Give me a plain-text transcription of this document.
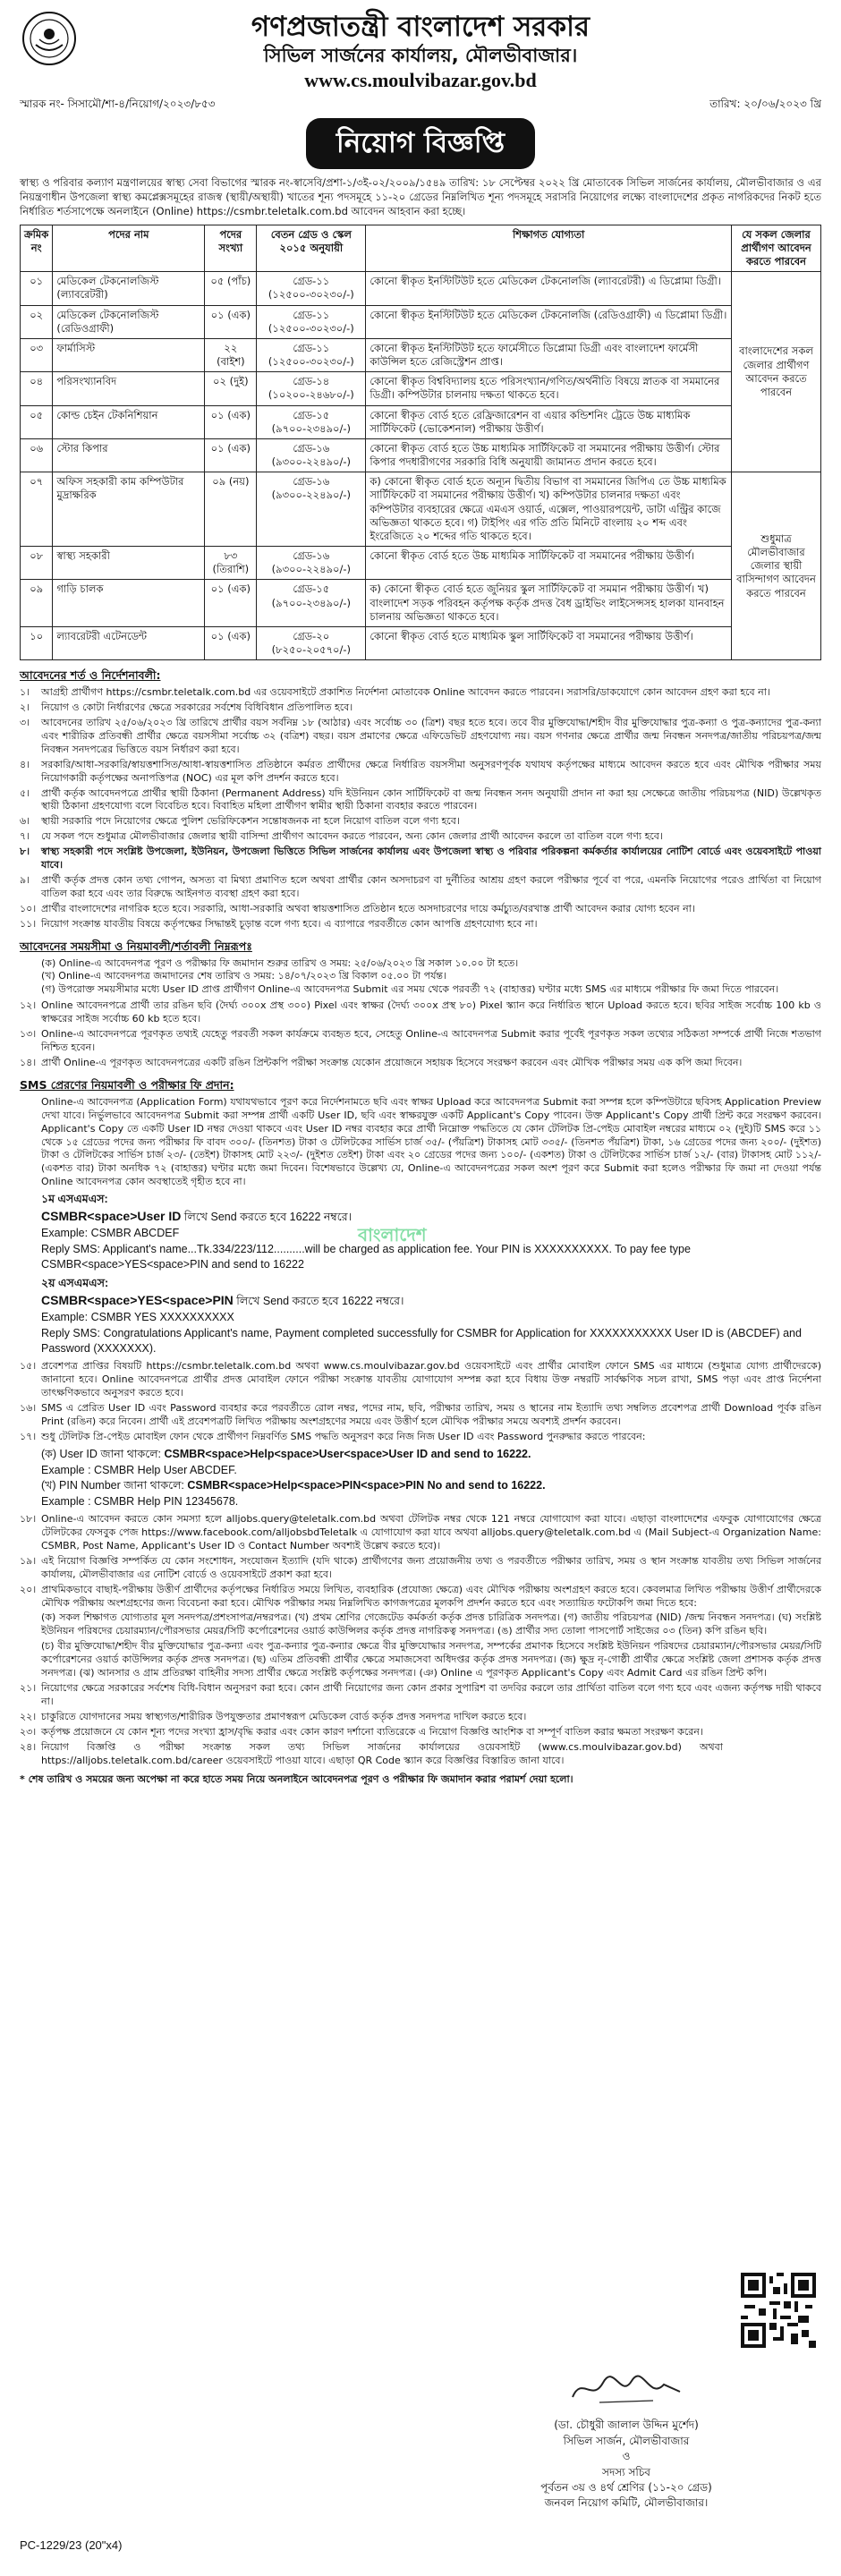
গণপ্রজাতন্ত্রী বাংলাদেশ সরকার
সিভিল সার্জনের কার্যালয়, মৌলভীবাজার।
www.cs.moulvibazar.gov.bd
স্মারক নং- সিসামৌ/শা-৪/নিয়োগ/২০২৩/৮৫৩	তারিখ: ২০/০৬/২০২৩ খ্রি
নিয়োগ বিজ্ঞপ্তি

স্বাস্থ্য ও পরিবার কল্যাণ মন্ত্রণালয়ের স্বাস্থ্য সেবা বিভাগের স্মারক নং-স্বাসেবি/প্রশা-১/৩ই-০২/২০০৯/১৫৪৯ তারিখ: ১৮ সেপ্টেম্বর ২০২২ খ্রি মোতাবেক সিভিল সার্জনের কার্যালয়, মৌলভীবাজার ও এর নিয়ন্ত্রণাধীন উপজেলা স্বাস্থ্য কমপ্লেক্সসমূহের রাজস্ব (স্থায়ী/অস্থায়ী) খাতের শূন্য পদসমূহে ১১-২০ গ্রেডের নিম্নলিখিত শূন্য পদসমূহে সরাসরি নিয়োগের লক্ষ্যে বাংলাদেশের প্রকৃত নাগরিকদের নিকট হতে নির্ধারিত শর্তসাপেক্ষে অনলাইনে (Online) https://csmbr.teletalk.com.bd আবেদন আহবান করা হচ্ছে।

ক্রমিক নং	পদের নাম	পদের সংখ্যা	বেতন গ্রেড ও স্কেল ২০১৫ অনুযায়ী	শিক্ষাগত যোগ্যতা	যে সকল জেলার প্রার্থীগণ আবেদন করতে পারবেন
০১	মেডিকেল টেকনোলজিস্ট (ল্যাবরেটরী)	০৫ (পাঁচ)	গ্রেড-১১ (১২৫০০-৩০২৩০/-)	কোনো স্বীকৃত ইনস্টিটিউট হতে মেডিকেল টেকনোলজি (ল্যাবরেটরী) এ ডিপ্লোমা ডিগ্রী।	বাংলাদেশের সকল জেলার প্রার্থীগণ আবেদন করতে পারবেন
০২	মেডিকেল টেকনোলজিস্ট (রেডিওগ্রাফী)	০১ (এক)	গ্রেড-১১ (১২৫০০-৩০২৩০/-)	কোনো স্বীকৃত ইনস্টিটিউট হতে মেডিকেল টেকনোলজি (রেডিওগ্রাফী) এ ডিপ্লোমা ডিগ্রী।	
০৩	ফার্মাসিস্ট	২২ (বাইশ)	গ্রেড-১১ (১২৫০০-৩০২৩০/-)	কোনো স্বীকৃত ইনস্টিটিউট হতে ফার্মেসীতে ডিপ্লোমা ডিগ্রী এবং বাংলাদেশ ফার্মেসী কাউন্সিল হতে রেজিস্ট্রেশন প্রাপ্ত।	
০৪	পরিসংখ্যানবিদ	০২ (দুই)	গ্রেড-১৪ (১০২০০-২৪৬৮০/-)	কোনো স্বীকৃত বিশ্ববিদ্যালয় হতে পরিসংখ্যান/গণিত/অর্থনীতি বিষয়ে স্নাতক বা সমমানের ডিগ্রী। কম্পিউটার চালনায় দক্ষতা থাকতে হবে।	
০৫	কোল্ড চেইন টেকনিশিয়ান	০১ (এক)	গ্রেড-১৫ (৯৭০০-২৩৪৯০/-)	কোনো স্বীকৃত বোর্ড হতে রেফ্রিজারেশন বা এয়ার কন্ডিশনিং ট্রেডে উচ্চ মাধ্যমিক সার্টিফিকেট (ভোকেশনাল) পরীক্ষায় উত্তীর্ণ।	
০৬	স্টোর কিপার	০১ (এক)	গ্রেড-১৬ (৯৩০০-২২৪৯০/-)	কোনো স্বীকৃত বোর্ড হতে উচ্চ মাধ্যমিক সার্টিফিকেট বা সমমানের পরীক্ষায় উত্তীর্ণ। স্টোর কিপার পদধারীগণের সরকারি বিধি অনুযায়ী জামানত প্রদান করতে হবে।	
০৭	অফিস সহকারী কাম কম্পিউটার মুদ্রাক্ষরিক	০৯ (নয়)	গ্রেড-১৬ (৯৩০০-২২৪৯০/-)	ক) কোনো স্বীকৃত বোর্ড হতে অন্যূন দ্বিতীয় বিভাগ বা সমমানের জিপিএ তে উচ্চ মাধ্যমিক সার্টিফিকেট বা সমমানের পরীক্ষায় উত্তীর্ণ। খ) কম্পিউটার চালনার দক্ষতা এবং কম্পিউটার ব্যবহারের ক্ষেত্রে এমএস ওয়ার্ড, এক্সেল, পাওয়ারপয়েন্ট, ডাটা এন্ট্রির কাজে অভিজ্ঞতা থাকতে হবে। গ) টাইপিং এর গতি প্রতি মিনিটে বাংলায় ২০ শব্দ এবং ইংরেজিতে ২০ শব্দের গতি থাকতে হবে।	শুধুমাত্র মৌলভীবাজার জেলার স্থায়ী বাসিন্দাগণ আবেদন করতে পারবেন
০৮	স্বাস্থ্য সহকারী	৮৩ (তিরাশি)	গ্রেড-১৬ (৯৩০০-২২৪৯০/-)	কোনো স্বীকৃত বোর্ড হতে উচ্চ মাধ্যমিক সার্টিফিকেট বা সমমানের পরীক্ষায় উত্তীর্ণ।	
০৯	গাড়ি চালক	০১ (এক)	গ্রেড-১৫ (৯৭০০-২৩৪৯০/-)	ক) কোনো স্বীকৃত বোর্ড হতে জুনিয়র স্কুল সার্টিফিকেট বা সমমান পরীক্ষায় উত্তীর্ণ। খ) বাংলাদেশ সড়ক পরিবহন কর্তৃপক্ষ কর্তৃক প্রদত্ত বৈধ ড্রাইভিং লাইসেন্সসহ হালকা যানবাহন চালনায় অভিজ্ঞতা থাকতে হবে।	
১০	ল্যাবরেটরী এটেনডেন্ট	০১ (এক)	গ্রেড-২০ (৮২৫০-২০৫৭০/-)	কোনো স্বীকৃত বোর্ড হতে মাধ্যমিক স্কুল সার্টিফিকেট বা সমমানের পরীক্ষায় উত্তীর্ণ।	
আবেদনের শর্ত ও নির্দেশনাবলী:
১।	আগ্রহী প্রার্থীগণ https://csmbr.teletalk.com.bd এর ওয়েবসাইটে প্রকাশিত নির্দেশনা মোতাবেক Online আবেদন করতে পারবেন। সরাসরি/ডাকযোগে কোন আবেদন গ্রহণ করা হবে না।
২।	নিয়োগ ও কোটা নির্ধারণের ক্ষেত্রে সরকারের সর্বশেষ বিধিবিধান প্রতিপালিত হবে।
৩।	আবেদনের তারিখ ২৫/০৬/২০২৩ খ্রি তারিখে প্রার্থীর বয়স সর্বনিম্ন ১৮ (আঠার) এবং সর্বোচ্চ ৩০ (ত্রিশ) বছর হতে হবে। তবে বীর মুক্তিযোদ্ধা/শহীদ বীর মুক্তিযোদ্ধার পুত্র-কন্যা ও পুত্র-কন্যাদের পুত্র-কন্যা এবং শারীরিক প্রতিবন্ধী প্রার্থীর ক্ষেত্রে বয়সসীমা সর্বোচ্চ ৩২ (বত্রিশ) বছর। বয়স প্রমাণের ক্ষেত্রে এফিডেভিট গ্রহণযোগ্য নয়। বয়স গণনার ক্ষেত্রে প্রার্থীর জন্ম নিবন্ধন সনদপত্র/জাতীয় পরিচয়পত্র/জন্ম নিবন্ধন সনদপত্রের ভিত্তিতে বয়স নির্ধারণ করা হবে।
৪।	সরকারি/আধা-সরকারি/স্বায়ত্তশাসিত/আধা-স্বায়ত্তশাসিত প্রতিষ্ঠানে কর্মরত প্রার্থীদের ক্ষেত্রে নির্ধারিত বয়সসীমা অনুসরণপূর্বক যথাযথ কর্তৃপক্ষের মাধ্যমে আবেদন করতে হবে এবং মৌখিক পরীক্ষার সময় নিয়োগকারী কর্তৃপক্ষের অনাপত্তিপত্র (NOC) এর মূল কপি প্রদর্শন করতে হবে।
৫।	প্রার্থী কর্তৃক আবেদনপত্রে প্রার্থীর স্থায়ী ঠিকানা (Permanent Address) যদি ইউনিয়ন কোন সার্টিফিকেট বা জন্ম নিবন্ধন সনদ অনুযায়ী প্রদান না করা হয় সেক্ষেত্রে জাতীয় পরিচয়পত্র (NID) উল্লেখকৃত স্থায়ী ঠিকানা গ্রহণযোগ্য বলে বিবেচিত হবে। বিবাহিত মহিলা প্রার্থীগণ স্বামীর স্থায়ী ঠিকানা ব্যবহার করতে পারবেন।
৬।	স্থায়ী সরকারি পদে নিয়োগের ক্ষেত্রে পুলিশ ভেরিফিকেশন সন্তোষজনক না হলে নিয়োগ বাতিল বলে গণ্য হবে।
৭।	যে সকল পদে শুধুমাত্র মৌলভীবাজার জেলার স্থায়ী বাসিন্দা প্রার্থীগণ আবেদন করতে পারবেন, অন্য কোন জেলার প্রার্থী আবেদন করলে তা বাতিল বলে গণ্য হবে।
৮।	স্বাস্থ্য সহকারী পদে সংশ্লিষ্ট উপজেলা, ইউনিয়ন, উপজেলা ভিত্তিতে সিভিল সার্জনের কার্যালয় এবং উপজেলা স্বাস্থ্য ও পরিবার পরিকল্পনা কর্মকর্তার কার্যালয়ের নোটিশ বোর্ডে এবং ওয়েবসাইটে পাওয়া যাবে।
৯।	প্রার্থী কর্তৃক প্রদত্ত কোন তথ্য গোপন, অসত্য বা মিথ্যা প্রমাণিত হলে অথবা প্রার্থীর কোন অসদাচরণ বা দুর্নীতির আশ্রয় গ্রহণ করলে পরীক্ষার পূর্বে বা পরে, এমনকি নিয়োগের পরেও প্রার্থিতা বা নিয়োগ বাতিল করা হবে এবং তার বিরুদ্ধে আইনগত ব্যবস্থা গ্রহণ করা হবে।
১০। প্রার্থীর বাংলাদেশের নাগরিক হতে হবে। সরকারি, আধা-সরকারি অথবা স্বায়ত্তশাসিত প্রতিষ্ঠান হতে অসদাচরণের দায়ে কর্মচ্যুত/বরখাস্ত প্রার্থী আবেদন করার যোগ্য হবেন না।
১১। নিয়োগ সংক্রান্ত যাবতীয় বিষয়ে কর্তৃপক্ষের সিদ্ধান্তই চূড়ান্ত বলে গণ্য হবে। এ ব্যাপারে পরবর্তীতে কোন আপত্তি গ্রহণযোগ্য হবে না।
আবেদনের সময়সীমা ও নিয়মাবলী/শর্তাবলী নিম্নরূপঃ
(ক) Online-এ আবেদনপত্র পূরণ ও পরীক্ষার ফি জমাদান শুরুর তারিখ ও সময়: ২৫/০৬/২০২৩ খ্রি সকাল ১০.০০ টা হতে।
(খ) Online-এ আবেদনপত্র জমাদানের শেষ তারিখ ও সময়: ১৪/০৭/২০২৩ খ্রি বিকাল ০৫.০০ টা পর্যন্ত।
(গ) উপরোক্ত সময়সীমার মধ্যে User ID প্রাপ্ত প্রার্থীগণ Online-এ আবেদনপত্র Submit এর সময় থেকে পরবর্তী ৭২ (বাহাত্তর) ঘণ্টার মধ্যে SMS এর মাধ্যমে পরীক্ষার ফি জমা দিতে পারবেন।
১২। Online আবেদনপত্রে প্রার্থী তার রঙিন ছবি (দৈর্ঘ্য ৩০০x প্রস্থ ৩০০) Pixel এবং স্বাক্ষর (দৈর্ঘ্য ৩০০x প্রস্থ ৮০) Pixel স্ক্যান করে নির্ধারিত স্থানে Upload করতে হবে। ছবির সাইজ সর্বোচ্চ 100 kb ও স্বাক্ষরের সাইজ সর্বোচ্চ 60 kb হতে হবে।
১৩। Online-এ আবেদনপত্রে পূরণকৃত তথ্যই যেহেতু পরবর্তী সকল কার্যক্রমে ব্যবহৃত হবে, সেহেতু Online-এ আবেদনপত্র Submit করার পূর্বেই পূরণকৃত সকল তথ্যের সঠিকতা সম্পর্কে প্রার্থী নিজে শতভাগ নিশ্চিত হবেন।
১৪। প্রার্থী Online-এ পূরণকৃত আবেদনপত্রের একটি রঙিন প্রিন্টকপি পরীক্ষা সংক্রান্ত যেকোন প্রয়োজনে সহায়ক হিসেবে সংরক্ষণ করবেন এবং মৌখিক পরীক্ষার সময় এক কপি জমা দিবেন।
SMS প্রেরণের নিয়মাবলী ও পরীক্ষার ফি প্রদান:

Online-এ আবেদনপত্র (Application Form) যথাযথভাবে পূরণ করে নির্দেশনামতে ছবি এবং স্বাক্ষর Upload করে আবেদনপত্র Submit করা সম্পন্ন হলে কম্পিউটারে ছবিসহ Application Preview দেখা যাবে। নির্ভুলভাবে আবেদনপত্র Submit করা সম্পন্ন প্রার্থী একটি User ID, ছবি এবং স্বাক্ষরযুক্ত একটি Applicant's Copy পাবেন। উক্ত Applicant's Copy প্রার্থী প্রিন্ট করে সংরক্ষণ করবেন। Applicant's Copy তে একটি User ID নম্বর দেওয়া থাকবে এবং User ID নম্বর ব্যবহার করে প্রার্থী নিম্নোক্ত পদ্ধতিতে যে কোন টেলিটক প্রি-পেইড মোবাইল নম্বরের মাধ্যমে ০২ (দুই)টি SMS করে ১১ থেকে ১৫ গ্রেডের পদের জন্য পরীক্ষার ফি বাবদ ৩০০/- (তিনশত) টাকা ও টেলিটকের সার্ভিস চার্জ ৩৫/- (পঁয়ত্রিশ) টাকাসহ মোট ৩৩৫/- (তিনশত পঁয়ত্রিশ) টাকা, ১৬ গ্রেডের পদের জন্য ২০০/- (দুইশত) টাকা ও টেলিটকের সার্ভিস চার্জ ২৩/- (তেইশ) টাকাসহ মোট ২২৩/- (দুইশত তেইশ) টাকা এবং ২০ গ্রেডের পদের জন্য ১০০/- (একশত) টাকা ও টেলিটকের সার্ভিস চার্জ ১২/- (বার) টাকাসহ মোট ১১২/- (একশত বার) টাকা অনধিক ৭২ (বাহাত্তর) ঘণ্টার মধ্যে জমা দিবেন। বিশেষভাবে উল্লেখ্য যে, Online-এ আবেদনপত্রের সকল অংশ পূরণ করে Submit করা হলেও পরীক্ষার ফি জমা না দেওয়া পর্যন্ত Online আবেদনপত্র কোন অবস্থাতেই গৃহীত হবে না।

১ম এসএমএস:
CSMBR<space>User ID লিখে Send করতে হবে 16222 নম্বরে।
Example: CSMBR ABCDEF
Reply SMS: Applicant's name...Tk.334/223/112..........will be charged as application fee. Your PIN is XXXXXXXXXX. To pay fee type CSMBR<space>YES<space>PIN and send to 16222
২য় এসএমএস:
CSMBR<space>YES<space>PIN লিখে Send করতে হবে 16222 নম্বরে।
Example: CSMBR YES XXXXXXXXXX
Reply SMS: Congratulations Applicant's name, Payment completed successfully for CSMBR for Application for XXXXXXXXXXX User ID is (ABCDEF) and Password (XXXXXXX).
১৫। প্রবেশপত্র প্রাপ্তির বিষয়টি https://csmbr.teletalk.com.bd অথবা www.cs.moulvibazar.gov.bd ওয়েবসাইটে এবং প্রার্থীর মোবাইল ফোনে SMS এর মাধ্যমে (শুধুমাত্র যোগ্য প্রার্থীদেরকে) জানানো হবে। Online আবেদনপত্রে প্রার্থীর প্রদত্ত মোবাইল ফোনে পরীক্ষা সংক্রান্ত যাবতীয় যোগাযোগ সম্পন্ন করা হবে বিধায় উক্ত নম্বরটি সার্বক্ষণিক সচল রাখা, SMS পড়া এবং প্রাপ্ত নির্দেশনা তাৎক্ষণিকভাবে অনুসরণ করতে হবে।
১৬। SMS এ প্রেরিত User ID এবং Password ব্যবহার করে পরবর্তীতে রোল নম্বর, পদের নাম, ছবি, পরীক্ষার তারিখ, সময় ও স্থানের নাম ইত্যাদি তথ্য সম্বলিত প্রবেশপত্র প্রার্থী Download পূর্বক রঙিন Print (রঙিন) করে নিবেন। প্রার্থী এই প্রবেশপত্রটি লিখিত পরীক্ষায় অংশগ্রহণের সময়ে এবং উত্তীর্ণ হলে মৌখিক পরীক্ষার সময়ে অবশ্যই প্রদর্শন করবেন।
১৭। শুধু টেলিটক প্রি-পেইড মোবাইল ফোন থেকে প্রার্থীগণ নিম্নবর্ণিত SMS পদ্ধতি অনুসরণ করে নিজ নিজ User ID এবং Password পুনরুদ্ধার করতে পারবেন:
(ক) User ID জানা থাকলে: CSMBR<space>Help<space>User<space>User ID and send to 16222.
Example : CSMBR Help User ABCDEF.
(খ) PIN Number জানা থাকলে: CSMBR<space>Help<space>PIN<space>PIN No and send to 16222.
Example : CSMBR Help PIN 12345678.
১৮। Online-এ আবেদন করতে কোন সমস্যা হলে alljobs.query@teletalk.com.bd অথবা টেলিটক নম্বর থেকে 121 নম্বরে যোগাযোগ করা যাবে। এছাড়া বাংলাদেশের এফবুক যোগাযোগের ক্ষেত্রে টেলিটকের ফেসবুক পেজ https://www.facebook.com/alljobsbdTeletalk এ যোগাযোগ করা যাবে অথবা alljobs.query@teletalk.com.bd এ (Mail Subject-এ Organization Name: CSMBR, Post Name, Applicant's User ID ও Contact Number অবশ্যই উল্লেখ করতে হবে)।
১৯। এই নিয়োগ বিজ্ঞপ্তি সম্পর্কিত যে কোন সংশোধন, সংযোজন ইত্যাদি (যদি থাকে) প্রার্থীগণের জন্য প্রয়োজনীয় তথ্য ও পরবর্তীতে পরীক্ষার তারিখ, সময় ও স্থান সংক্রান্ত যাবতীয় তথ্য সিভিল সার্জনের কার্যালয়, মৌলভীবাজার এর নোটিশ বোর্ডে ও ওয়েবসাইটে প্রকাশ করা হবে।
২০। প্রাথমিকভাবে বাছাই-পরীক্ষায় উত্তীর্ণ প্রার্থীদের কর্তৃপক্ষের নির্ধারিত সময়ে লিখিত, ব্যবহারিক (প্রযোজ্য ক্ষেত্রে) এবং মৌখিক পরীক্ষায় অংশগ্রহণ করতে হবে। কেবলমাত্র লিখিত পরীক্ষায় উত্তীর্ণ প্রার্থীদেরকে মৌখিক পরীক্ষায় অংশগ্রহণের জন্য বিবেচনা করা হবে। মৌখিক পরীক্ষার সময় নিম্নলিখিত কাগজপত্রের মূলকপি প্রদর্শন করতে হবে এবং সত্যায়িত ফটোকপি জমা দিতে হবে:
(ক) সকল শিক্ষাগত যোগ্যতার মূল সনদপত্র/প্রশংসাপত্র/নম্বরপত্র। (খ) প্রথম শ্রেণির গেজেটেড কর্মকর্তা কর্তৃক প্রদত্ত চারিত্রিক সনদপত্র। (গ) জাতীয় পরিচয়পত্র (NID) /জন্ম নিবন্ধন সনদপত্র। (ঘ) সংশ্লিষ্ট ইউনিয়ন পরিষদের চেয়ারম্যান/পৌরসভার মেয়র/সিটি কর্পোরেশনের ওয়ার্ড কাউন্সিলর কর্তৃক প্রদত্ত নাগরিকত্ব সনদপত্র। (ঙ) প্রার্থীর সদ্য তোলা পাসপোর্ট সাইজের ০৩ (তিন) কপি রঙিন ছবি।
(চ) বীর মুক্তিযোদ্ধা/শহীদ বীর মুক্তিযোদ্ধার পুত্র-কন্যা এবং পুত্র-কন্যার পুত্র-কন্যার ক্ষেত্রে বীর মুক্তিযোদ্ধার সনদপত্র, সম্পর্কের প্রমাণক হিসেবে সংশ্লিষ্ট ইউনিয়ন পরিষদের চেয়ারম্যান/পৌরসভার মেয়র/সিটি কর্পোরেশনের ওয়ার্ড কাউন্সিলর কর্তৃক প্রদত্ত সনদপত্র। (ছ) এতিম প্রতিবন্ধী প্রার্থীর ক্ষেত্রে সমাজসেবা অধিদপ্তর কর্তৃক প্রদত্ত সনদপত্র। (জ) ক্ষুদ্র নৃ-গোষ্ঠী প্রার্থীর ক্ষেত্রে সংশ্লিষ্ট জেলা প্রশাসক কর্তৃক প্রদত্ত সনদপত্র। (ঝ) আনসার ও গ্রাম প্রতিরক্ষা বাহিনীর সদস্য প্রার্থীর ক্ষেত্রে সংশ্লিষ্ট কর্তৃপক্ষের সনদপত্র। (ঞ) Online এ পূরণকৃত Applicant's Copy এবং Admit Card এর রঙিন প্রিন্ট কপি।
২১। নিয়োগের ক্ষেত্রে সরকারের সর্বশেষ বিধি-বিধান অনুসরণ করা হবে। কোন প্রার্থী নিয়োগের জন্য কোন প্রকার সুপারিশ বা তদবির করলে তার প্রার্থিতা বাতিল বলে গণ্য হবে এবং এজন্য কর্তৃপক্ষ দায়ী থাকবে না।
২২। চাকুরিতে যোগদানের সময় স্বাস্থ্যগত/শারীরিক উপযুক্ততার প্রমাণস্বরূপ মেডিকেল বোর্ড কর্তৃক প্রদত্ত সনদপত্র দাখিল করতে হবে।
২৩। কর্তৃপক্ষ প্রয়োজনে যে কোন শূন্য পদের সংখ্যা হ্রাস/বৃদ্ধি করার এবং কোন কারণ দর্শানো ব্যতিরেকে এ নিয়োগ বিজ্ঞপ্তি আংশিক বা সম্পূর্ণ বাতিল করার ক্ষমতা সংরক্ষণ করেন।
২৪। নিয়োগ বিজ্ঞপ্তি ও পরীক্ষা সংক্রান্ত সকল তথ্য সিভিল সার্জনের কার্যালয়ের ওয়েবসাইট (www.cs.moulvibazar.gov.bd) অথবা https://alljobs.teletalk.com.bd/career ওয়েবসাইটে পাওয়া যাবে। এছাড়া QR Code স্ক্যান করে বিজ্ঞপ্তির বিস্তারিত জানা যাবে।
* শেষ তারিখ ও সময়ের জন্য অপেক্ষা না করে হাতে সময় নিয়ে অনলাইনে আবেদনপত্র পূরণ ও পরীক্ষার ফি জমাদান করার পরামর্শ দেয়া হলো।
বাংলাদেশ
(ডা. চৌধুরী জালাল উদ্দিন মুর্শেদ)
সিভিল সার্জন, মৌলভীবাজার
ও
সদস্য সচিব
পূর্বতন ৩য় ও ৪র্থ শ্রেণির (১১-২০ গ্রেড)
জনবল নিয়োগ কমিটি, মৌলভীবাজার।
PC-1229/23 (20"x4)
